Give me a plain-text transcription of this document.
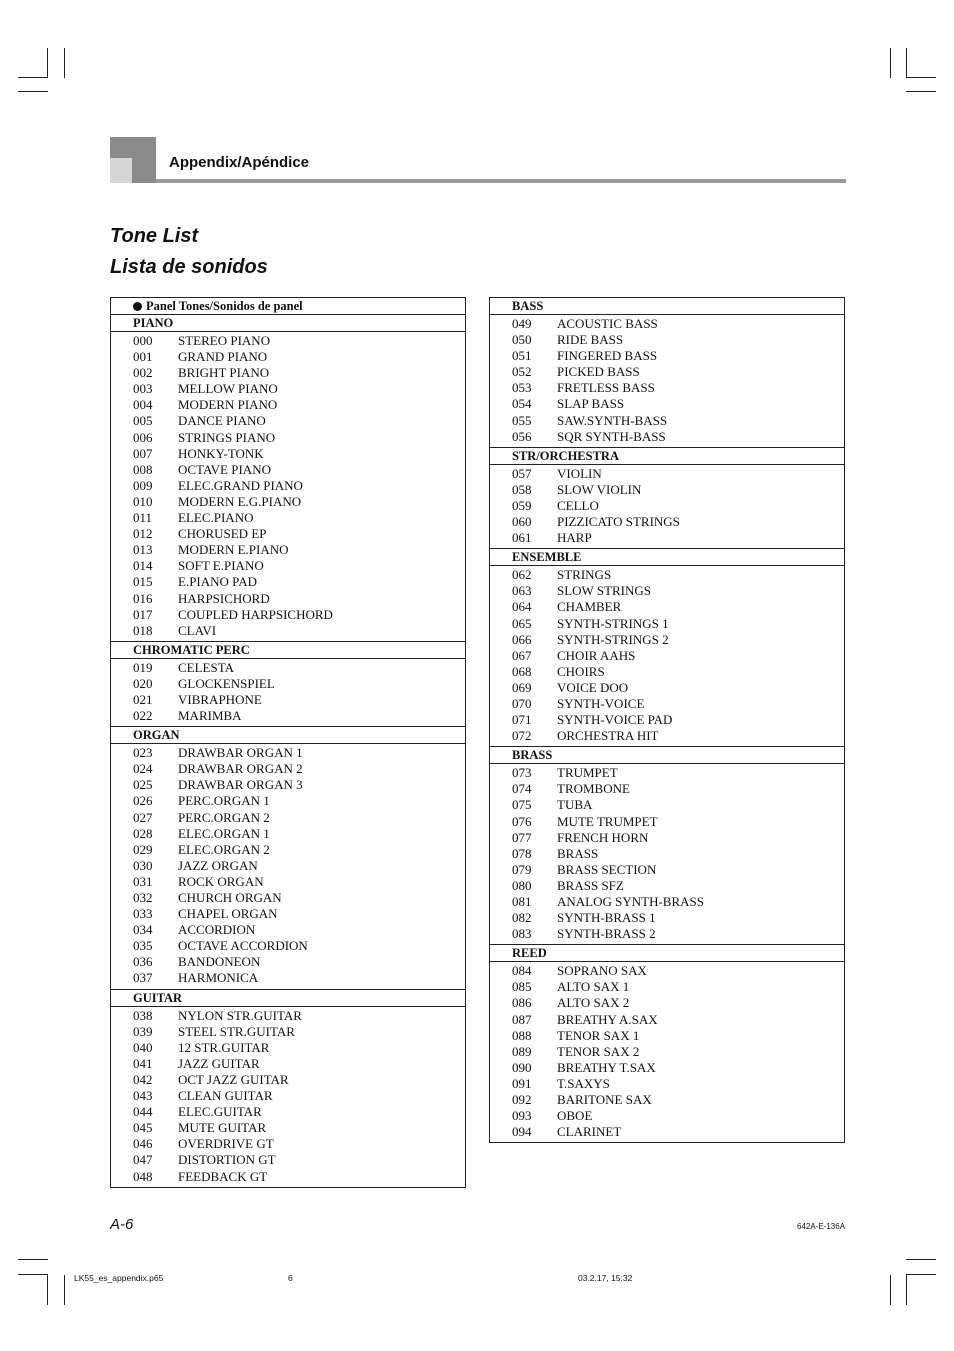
Appendix/Apéndice
Tone List
Lista de sonidos
Panel Tones/Sonidos de panel
PIANO
000 STEREO PIANO
001 GRAND PIANO
002 BRIGHT PIANO
003 MELLOW PIANO
004 MODERN PIANO
005 DANCE PIANO
006 STRINGS PIANO
007 HONKY-TONK
008 OCTAVE PIANO
009 ELEC.GRAND PIANO
010 MODERN E.G.PIANO
011 ELEC.PIANO
012 CHORUSED EP
013 MODERN E.PIANO
014 SOFT E.PIANO
015 E.PIANO PAD
016 HARPSICHORD
017 COUPLED HARPSICHORD
018 CLAVI
CHROMATIC PERC
019 CELESTA
020 GLOCKENSPIEL
021 VIBRAPHONE
022 MARIMBA
ORGAN
023 DRAWBAR ORGAN 1
024 DRAWBAR ORGAN 2
025 DRAWBAR ORGAN 3
026 PERC.ORGAN 1
027 PERC.ORGAN 2
028 ELEC.ORGAN 1
029 ELEC.ORGAN 2
030 JAZZ ORGAN
031 ROCK ORGAN
032 CHURCH ORGAN
033 CHAPEL ORGAN
034 ACCORDION
035 OCTAVE ACCORDION
036 BANDONEON
037 HARMONICA
GUITAR
038 NYLON STR.GUITAR
039 STEEL STR.GUITAR
040 12 STR.GUITAR
041 JAZZ GUITAR
042 OCT JAZZ GUITAR
043 CLEAN GUITAR
044 ELEC.GUITAR
045 MUTE GUITAR
046 OVERDRIVE GT
047 DISTORTION GT
048 FEEDBACK GT
BASS
049 ACOUSTIC BASS
050 RIDE BASS
051 FINGERED BASS
052 PICKED BASS
053 FRETLESS BASS
054 SLAP BASS
055 SAW.SYNTH-BASS
056 SQR SYNTH-BASS
STR/ORCHESTRA
057 VIOLIN
058 SLOW VIOLIN
059 CELLO
060 PIZZICATO STRINGS
061 HARP
ENSEMBLE
062 STRINGS
063 SLOW STRINGS
064 CHAMBER
065 SYNTH-STRINGS 1
066 SYNTH-STRINGS 2
067 CHOIR AAHS
068 CHOIRS
069 VOICE DOO
070 SYNTH-VOICE
071 SYNTH-VOICE PAD
072 ORCHESTRA HIT
BRASS
073 TRUMPET
074 TROMBONE
075 TUBA
076 MUTE TRUMPET
077 FRENCH HORN
078 BRASS
079 BRASS SECTION
080 BRASS SFZ
081 ANALOG SYNTH-BRASS
082 SYNTH-BRASS 1
083 SYNTH-BRASS 2
REED
084 SOPRANO SAX
085 ALTO SAX 1
086 ALTO SAX 2
087 BREATHY A.SAX
088 TENOR SAX 1
089 TENOR SAX 2
090 BREATHY T.SAX
091 T.SAXYS
092 BARITONE SAX
093 OBOE
094 CLARINET
A-6	642A-E-136A
LK55_es_appendix.p65	6	03.2.17, 15:32
